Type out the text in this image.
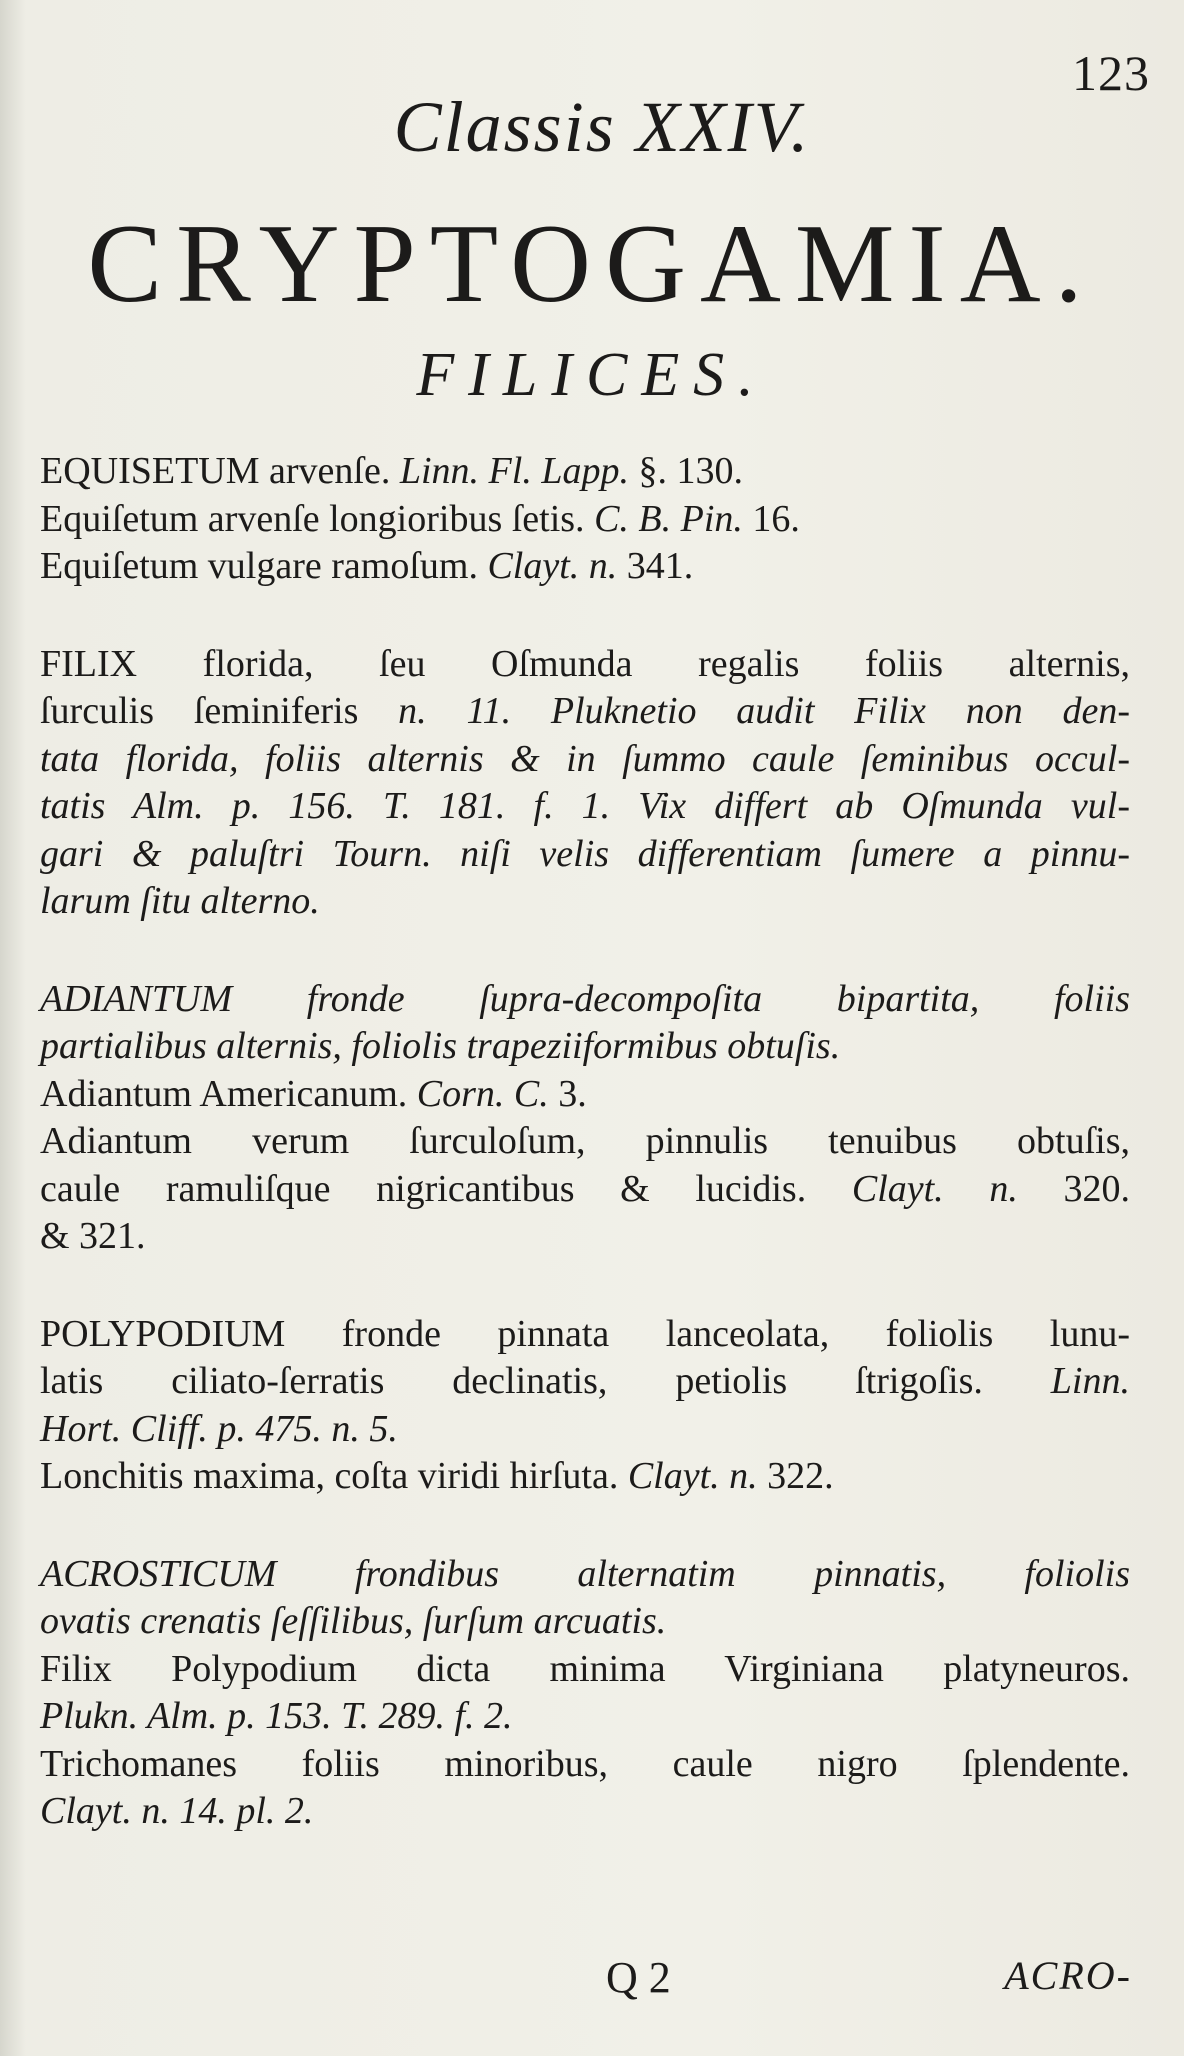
123
Classis XXIV.
CRYPTOGAMIA.
FILICES.
EQUISETUM arvenſe. Linn. Fl. Lapp. §. 130.
Equiſetum arvenſe longioribus ſetis. C. B. Pin. 16.
Equiſetum vulgare ramoſum. Clayt. n. 341.
FILIX florida, ſeu Oſmunda regalis foliis alternis,
ſurculis ſeminiferis n. 11. Pluknetio audit Filix non den-
tata florida, foliis alternis & in ſummo caule ſeminibus occul-
tatis Alm. p. 156. T. 181. f. 1. Vix differt ab Oſmunda vul-
gari & paluſtri Tourn. niſi velis differentiam ſumere a pinnu-
larum ſitu alterno.
ADIANTUM fronde ſupra-decompoſita bipartita, foliis
partialibus alternis, foliolis trapeziiformibus obtuſis.
Adiantum Americanum. Corn. C. 3.
Adiantum verum ſurculoſum, pinnulis tenuibus obtuſis,
caule ramuliſque nigricantibus & lucidis. Clayt. n. 320.
& 321.
POLYPODIUM fronde pinnata lanceolata, foliolis lunu-
latis ciliato-ſerratis declinatis, petiolis ſtrigoſis. Linn.
Hort. Cliff. p. 475. n. 5.
Lonchitis maxima, coſta viridi hirſuta. Clayt. n. 322.
ACROSTICUM frondibus alternatim pinnatis, foliolis
ovatis crenatis ſeſſilibus, ſurſum arcuatis.
Filix Polypodium dicta minima Virginiana platyneuros.
Plukn. Alm. p. 153. T. 289. f. 2.
Trichomanes foliis minoribus, caule nigro ſplendente.
Clayt. n. 14. pl. 2.
Q 2	ACRO-
